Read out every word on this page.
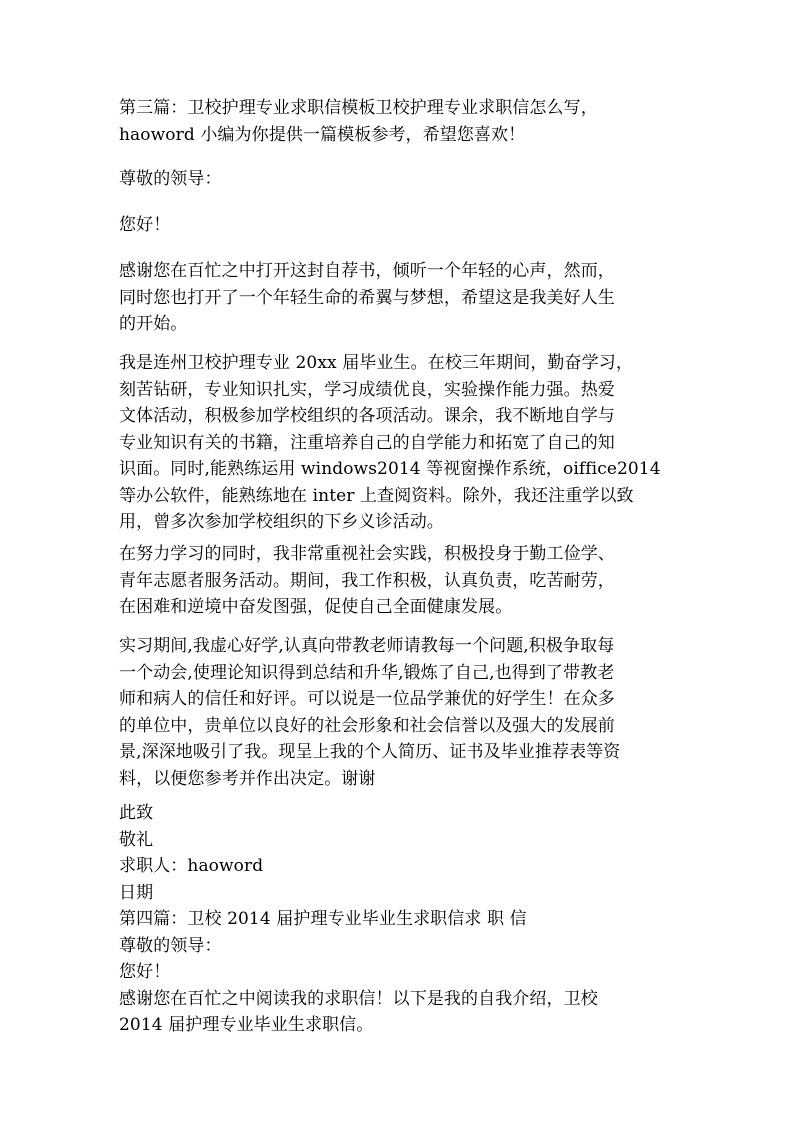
第三篇：卫校护理专业求职信模板卫校护理专业求职信怎么写，
haoword 小编为你提供一篇模板参考，希望您喜欢！
尊敬的领导：
您好！
感谢您在百忙之中打开这封自荐书，倾听一个年轻的心声，然而，
同时您也打开了一个年轻生命的希翼与梦想，希望这是我美好人生
的开始。
我是连州卫校护理专业 20xx 届毕业生。在校三年期间，勤奋学习，
刻苦钻研，专业知识扎实，学习成绩优良，实验操作能力强。热爱
文体活动，积极参加学校组织的各项活动。课余，我不断地自学与
专业知识有关的书籍，注重培养自己的自学能力和拓宽了自己的知
识面。同时,能熟练运用 windows2014 等视窗操作系统，oiffice2014
等办公软件，能熟练地在 inter 上查阅资料。除外，我还注重学以致
用，曾多次参加学校组织的下乡义诊活动。
在努力学习的同时，我非常重视社会实践，积极投身于勤工俭学、
青年志愿者服务活动。期间，我工作积极，认真负责，吃苦耐劳，
在困难和逆境中奋发图强，促使自己全面健康发展。
实习期间,我虚心好学,认真向带教老师请教每一个问题,积极争取每
一个动会,使理论知识得到总结和升华,锻炼了自己,也得到了带教老
师和病人的信任和好评。可以说是一位品学兼优的好学生！在众多
的单位中，贵单位以良好的社会形象和社会信誉以及强大的发展前
景,深深地吸引了我。现呈上我的个人简历、证书及毕业推荐表等资
料，以便您参考并作出决定。谢谢
此致
敬礼
求职人：haoword
日期
第四篇：卫校 2014 届护理专业毕业生求职信求 职 信
尊敬的领导：
您好！
感谢您在百忙之中阅读我的求职信！以下是我的自我介绍，卫校
2014 届护理专业毕业生求职信。
